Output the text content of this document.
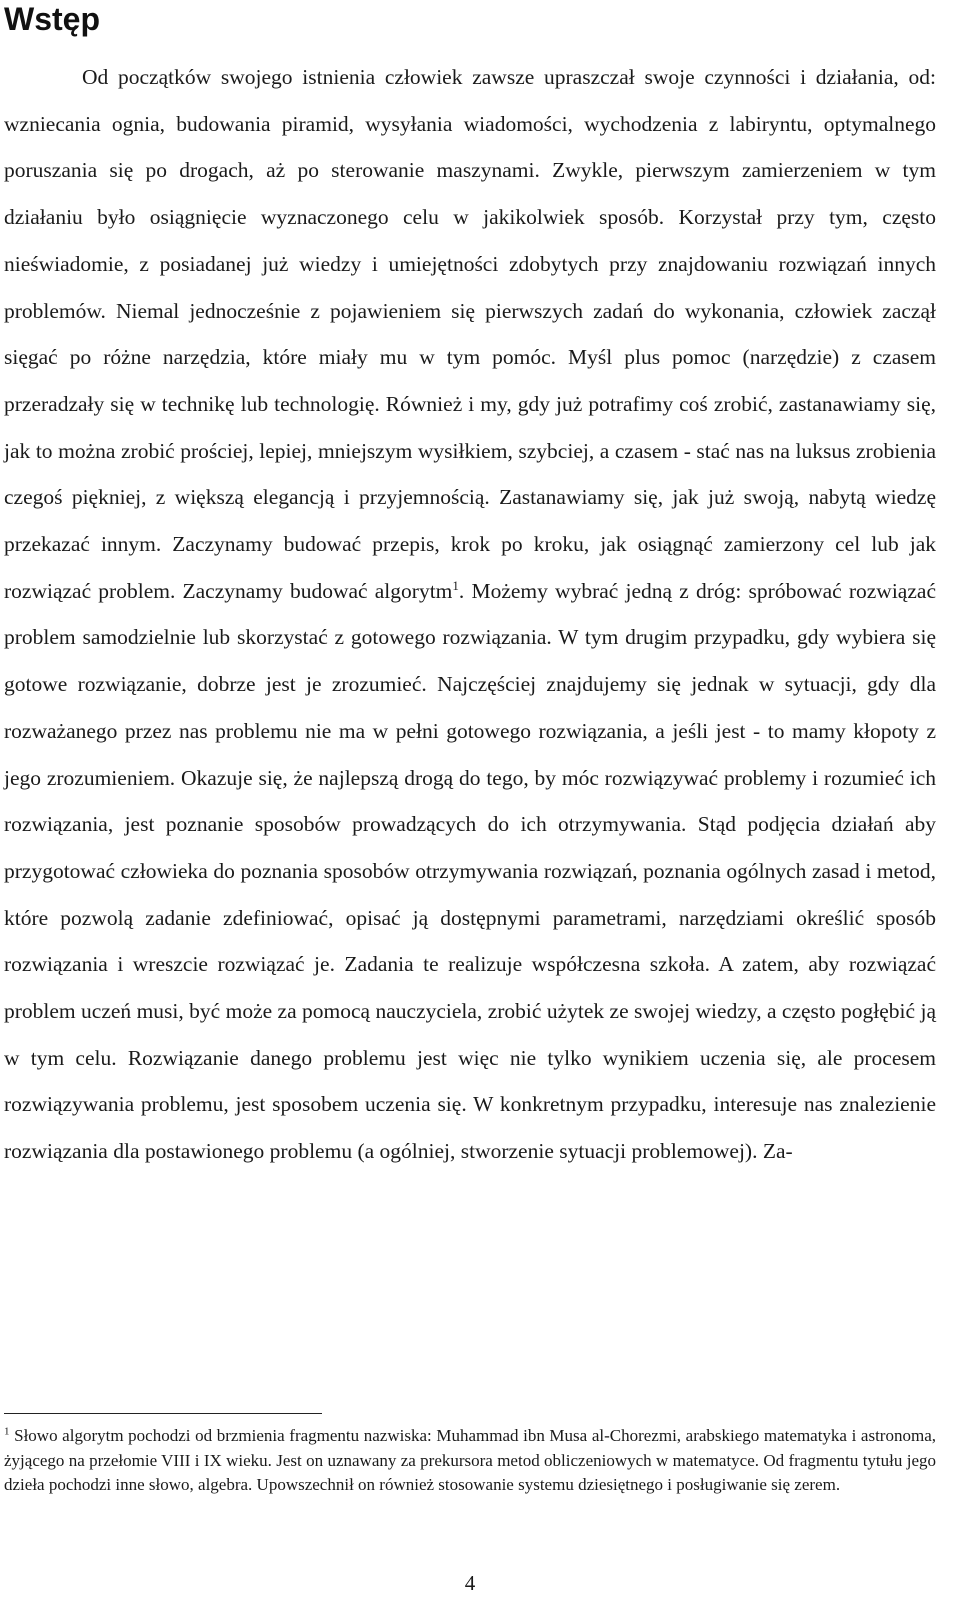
Wstęp

Od początków swojego istnienia człowiek zawsze upraszczał swoje czynności i działania, od: wzniecania ognia, budowania piramid, wysyłania wiadomości, wychodzenia z labiryntu, optymalnego poruszania się po drogach, aż po sterowanie maszynami. Zwykle, pierwszym zamierzeniem w tym działaniu było osiągnięcie wyznaczonego celu w jakikolwiek sposób. Korzystał przy tym, często nieświadomie, z posiadanej już wiedzy i umiejętności zdobytych przy znajdowaniu rozwiązań innych problemów. Niemal jednocześnie z pojawieniem się pierwszych zadań do wykonania, człowiek zaczął sięgać po różne narzędzia, które miały mu w tym pomóc. Myśl plus pomoc (narzędzie) z czasem przeradzały się w technikę lub technologię. Również i my, gdy już potrafimy coś zrobić, zastanawiamy się, jak to można zrobić prościej, lepiej, mniejszym wysiłkiem, szybciej, a czasem - stać nas na luksus zrobienia czegoś piękniej, z większą elegancją i przyjemnością. Zastanawiamy się, jak już swoją, nabytą wiedzę przekazać innym. Zaczynamy budować przepis, krok po kroku, jak osiągnąć zamierzony cel lub jak rozwiązać problem. Zaczynamy budować algorytm$^1$. Możemy wybrać jedną z dróg: spróbować rozwiązać problem samodzielnie lub skorzystać z gotowego rozwiązania. W tym drugim przypadku, gdy wybiera się gotowe rozwiązanie, dobrze jest je zrozumieć. Najczęściej znajdujemy się jednak w sytuacji, gdy dla rozważanego przez nas problemu nie ma w pełni gotowego rozwiązania, a jeśli jest - to mamy kłopoty z jego zrozumieniem. Okazuje się, że najlepszą drogą do tego, by móc rozwiązywać problemy i rozumieć ich rozwiązania, jest poznanie sposobów prowadzących do ich otrzymywania. Stąd podjęcia działań aby przygotować człowieka do poznania sposobów otrzymywania rozwiązań, poznania ogólnych zasad i metod, które pozwolą zadanie zdefiniować, opisać ją dostępnymi parametrami, narzędziami określić sposób rozwiązania i wreszcie rozwiązać je. Zadania te realizuje współczesna szkoła. A zatem, aby rozwiązać problem uczeń musi, być może za pomocą nauczyciela, zrobić użytek ze swojej wiedzy, a często pogłębić ją w tym celu. Rozwiązanie danego problemu jest więc nie tylko wynikiem uczenia się, ale procesem rozwiązywania problemu, jest sposobem uczenia się. W konkretnym przypadku, interesuje nas znalezienie rozwiązania dla postawionego problemu (a ogólniej, stworzenie sytuacji problemowej). Za-

$^1$ Słowo algorytm pochodzi od brzmienia fragmentu nazwiska: Muhammad ibn Musa al-Chorezmi, arabskiego matematyka i astronoma, żyjącego na przełomie VIII i IX wieku. Jest on uznawany za prekursora metod obliczeniowych w matematyce. Od fragmentu tytułu jego dzieła pochodzi inne słowo, algebra. Upowszechnił on również stosowanie systemu dziesiętnego i posługiwanie się zerem.

4
